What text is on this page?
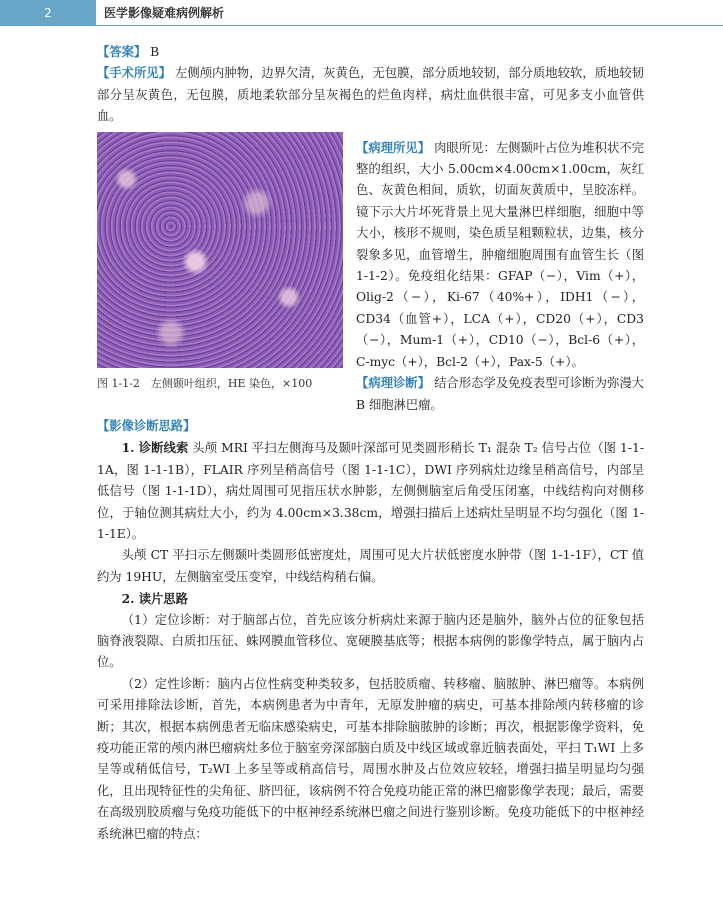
2	医学影像疑难病例解析

【答案】 B

【手术所见】 左侧颅内肿物，边界欠清，灰黄色，无包膜，部分质地较韧，部分质地较软，质地较韧部分呈灰黄色，无包膜，质地柔软部分呈灰褐色的烂鱼肉样，病灶血供很丰富，可见多支小血管供血。

图 1-1-2　左侧颞叶组织，HE 染色，×100

【病理所见】 肉眼所见：左侧颞叶占位为堆积状不完整的组织，大小 5.00cm×4.00cm×1.00cm，灰红色、灰黄色相间，质软，切面灰黄质中，呈胶冻样。镜下示大片坏死背景上见大量淋巴样细胞，细胞中等大小，核形不规则，染色质呈粗颗粒状，边集，核分裂象多见，血管增生，肿瘤细胞周围有血管生长（图 1-1-2）。免疫组化结果：GFAP（−），Vim（+），Olig-2（−），Ki-67（40%+），IDH1（−），CD34（血管+），LCA（+），CD20（+），CD3（−），Mum-1（+），CD10（−），Bcl-6（+），C-myc（+），Bcl-2（+），Pax-5（+）。

【病理诊断】 结合形态学及免疫表型可诊断为弥漫大 B 细胞淋巴瘤。

【影像诊断思路】

1. 诊断线索 头颅 MRI 平扫左侧海马及颞叶深部可见类圆形稍长 T₁ 混杂 T₂ 信号占位（图 1-1-1A，图 1-1-1B），FLAIR 序列呈稍高信号（图 1-1-1C），DWI 序列病灶边缘呈稍高信号，内部呈低信号（图 1-1-1D），病灶周围可见指压状水肿影，左侧侧脑室后角受压闭塞，中线结构向对侧移位，于轴位测其病灶大小，约为 4.00cm×3.38cm，增强扫描后上述病灶呈明显不均匀强化（图 1-1-1E）。

头颅 CT 平扫示左侧颞叶类圆形低密度灶，周围可见大片状低密度水肿带（图 1-1-1F），CT 值约为 19HU，左侧脑室受压变窄，中线结构稍右偏。

2. 读片思路

（1）定位诊断：对于脑部占位，首先应该分析病灶来源于脑内还是脑外，脑外占位的征象包括脑脊液裂隙、白质扣压征、蛛网膜血管移位、宽硬膜基底等；根据本病例的影像学特点，属于脑内占位。

（2）定性诊断：脑内占位性病变种类较多，包括胶质瘤、转移瘤、脑脓肿、淋巴瘤等。本病例可采用排除法诊断，首先，本病例患者为中青年，无原发肿瘤的病史，可基本排除颅内转移瘤的诊断；其次，根据本病例患者无临床感染病史，可基本排除脑脓肿的诊断；再次，根据影像学资料，免疫功能正常的颅内淋巴瘤病灶多位于脑室旁深部脑白质及中线区域或靠近脑表面处，平扫 T₁WI 上多呈等或稍低信号，T₂WI 上多呈等或稍高信号，周围水肿及占位效应较轻，增强扫描呈明显均匀强化，且出现特征性的尖角征、脐凹征，该病例不符合免疫功能正常的淋巴瘤影像学表现；最后，需要在高级别胶质瘤与免疫功能低下的中枢神经系统淋巴瘤之间进行鉴别诊断。免疫功能低下的中枢神经系统淋巴瘤的特点：
